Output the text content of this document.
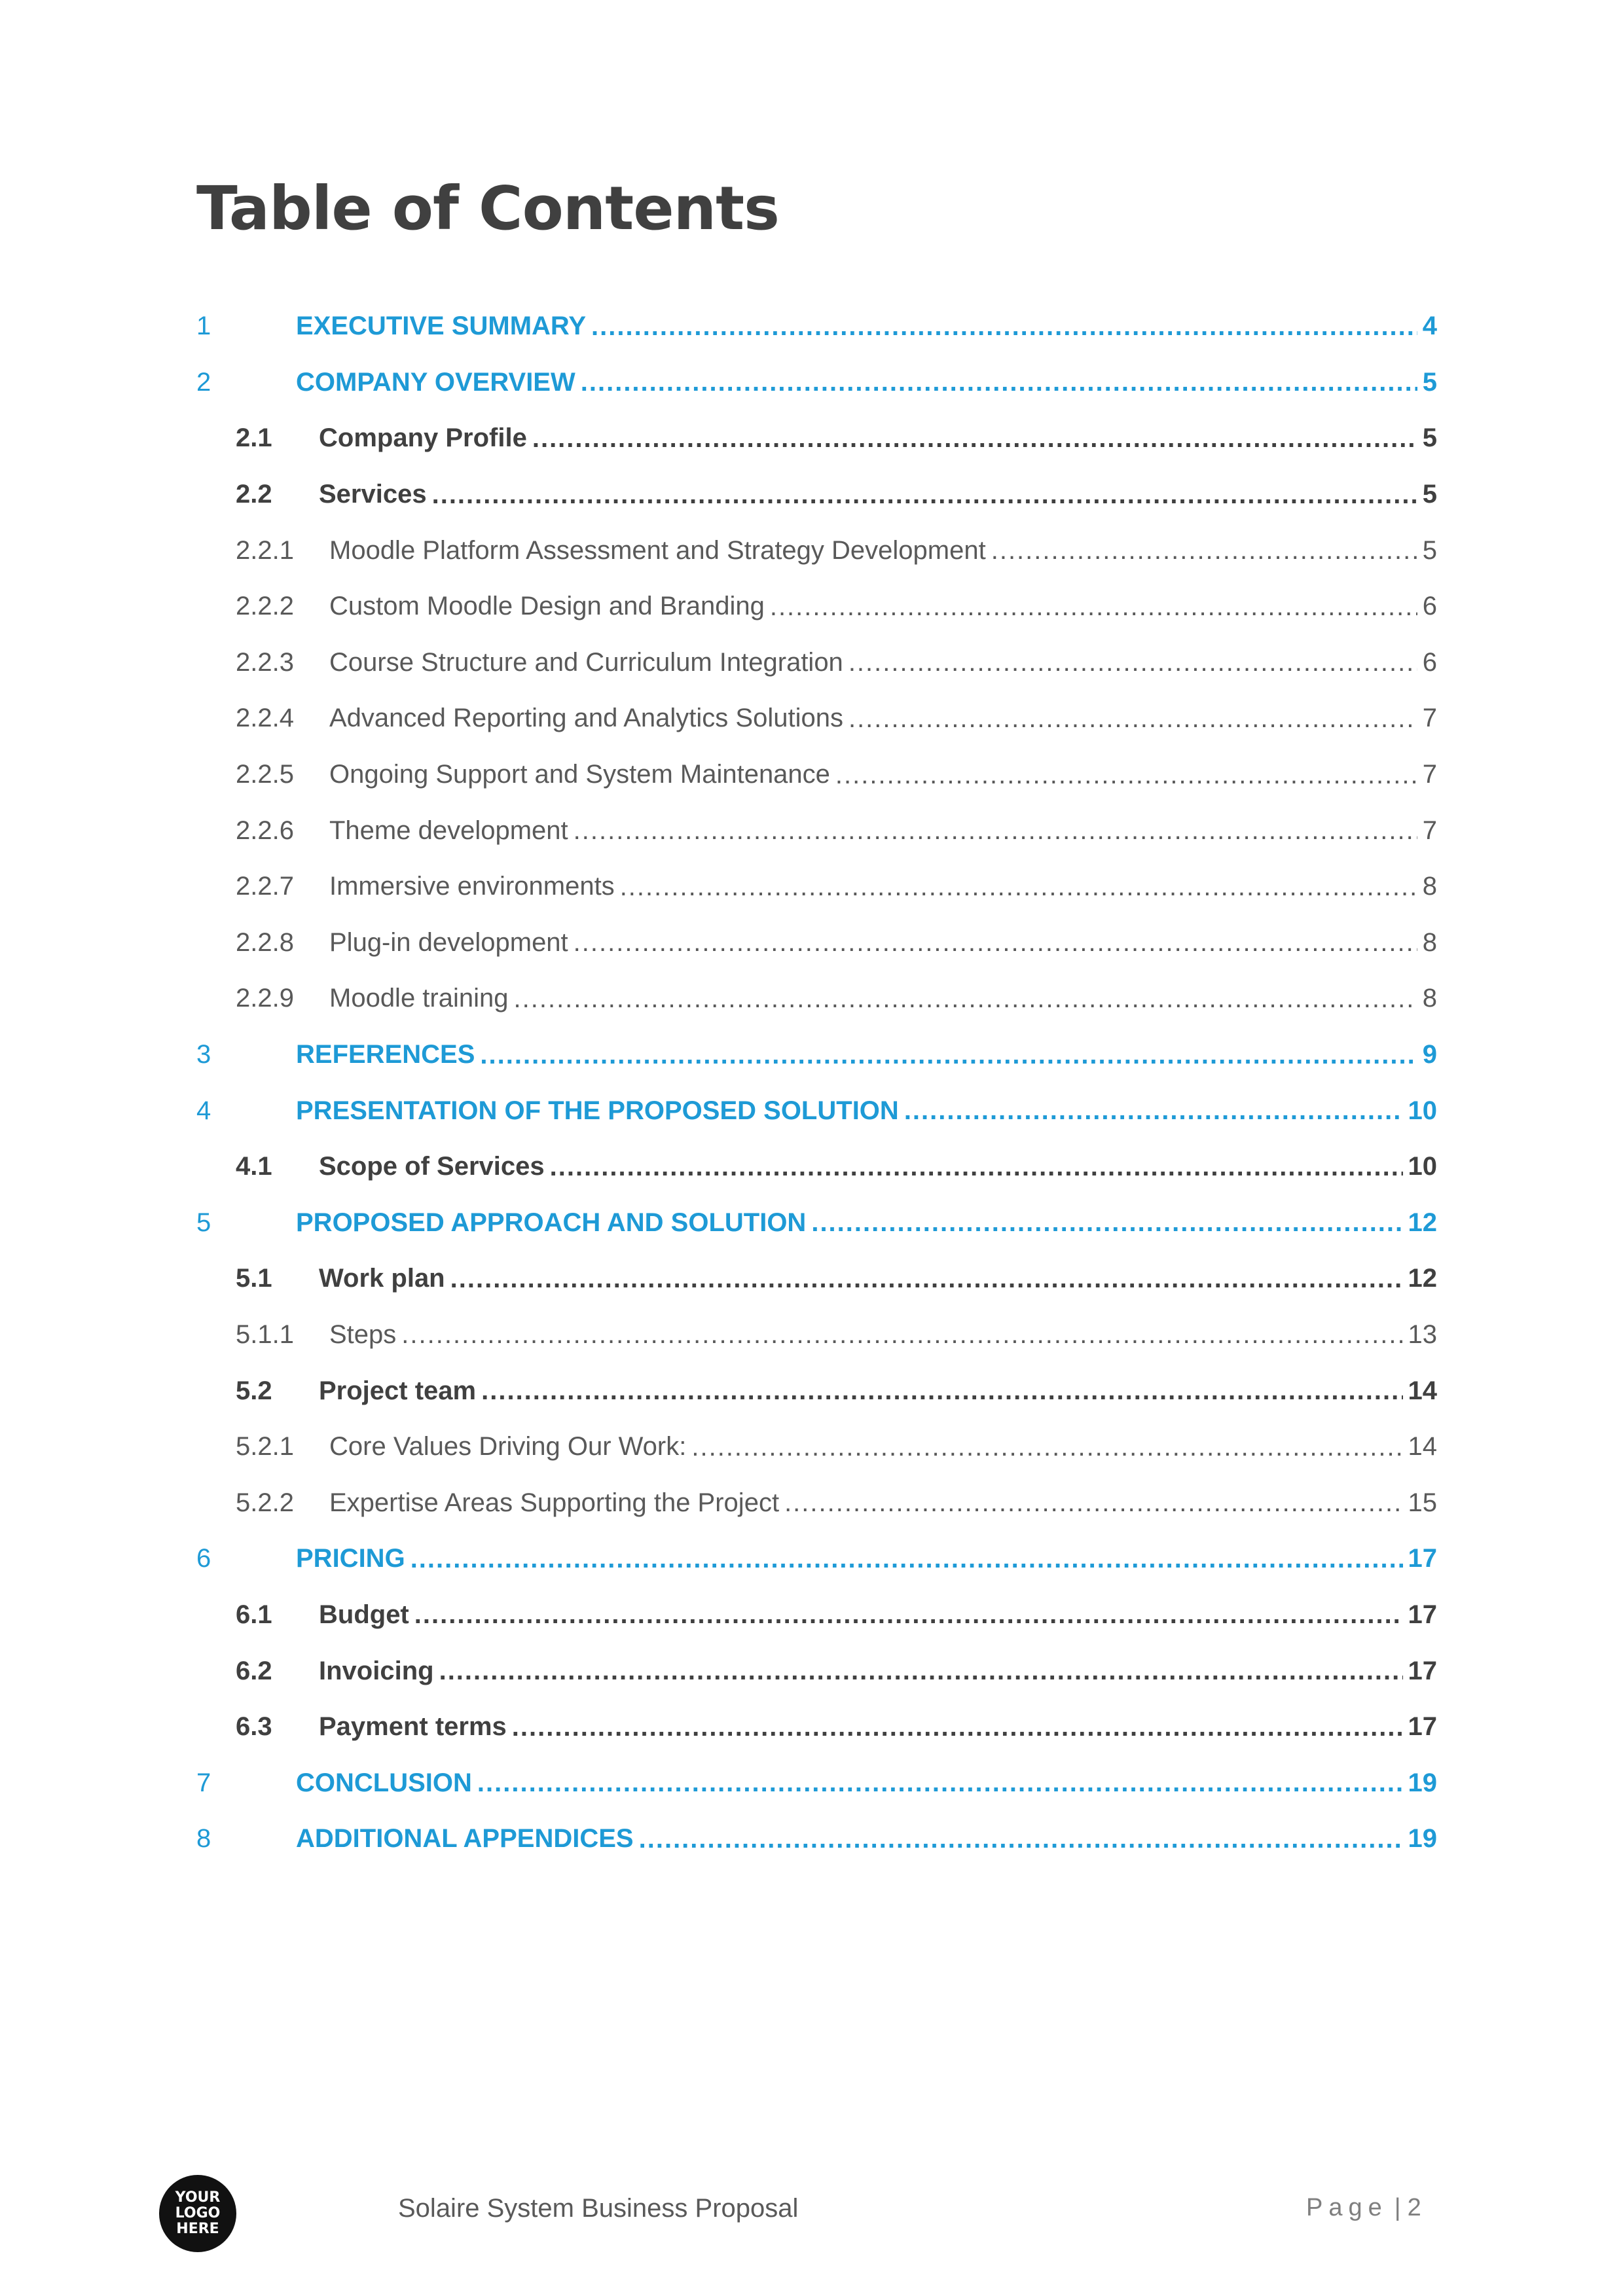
Table of Contents
1	EXECUTIVE SUMMARY .....	4
2	COMPANY OVERVIEW .....	5
2.1	Company Profile .....	5
2.2	Services .....	5
2.2.1	Moodle Platform Assessment and Strategy Development .....	5
2.2.2	Custom Moodle Design and Branding .....	6
2.2.3	Course Structure and Curriculum Integration .....	6
2.2.4	Advanced Reporting and Analytics Solutions .....	7
2.2.5	Ongoing Support and System Maintenance .....	7
2.2.6	Theme development .....	7
2.2.7	Immersive environments .....	8
2.2.8	Plug-in development .....	8
2.2.9	Moodle training .....	8
3	REFERENCES .....	9
4	PRESENTATION OF THE PROPOSED SOLUTION .....	10
4.1	Scope of Services .....	10
5	PROPOSED APPROACH AND SOLUTION .....	12
5.1	Work plan .....	12
5.1.1	Steps .....	13
5.2	Project team .....	14
5.2.1	Core Values Driving Our Work: .....	14
5.2.2	Expertise Areas Supporting the Project .....	15
6	PRICING .....	17
6.1	Budget .....	17
6.2	Invoicing .....	17
6.3	Payment terms .....	17
7	CONCLUSION .....	19
8	ADDITIONAL APPENDICES .....	19
YOUR
LOGO
HERE
Solaire System Business Proposal	Page | 2
